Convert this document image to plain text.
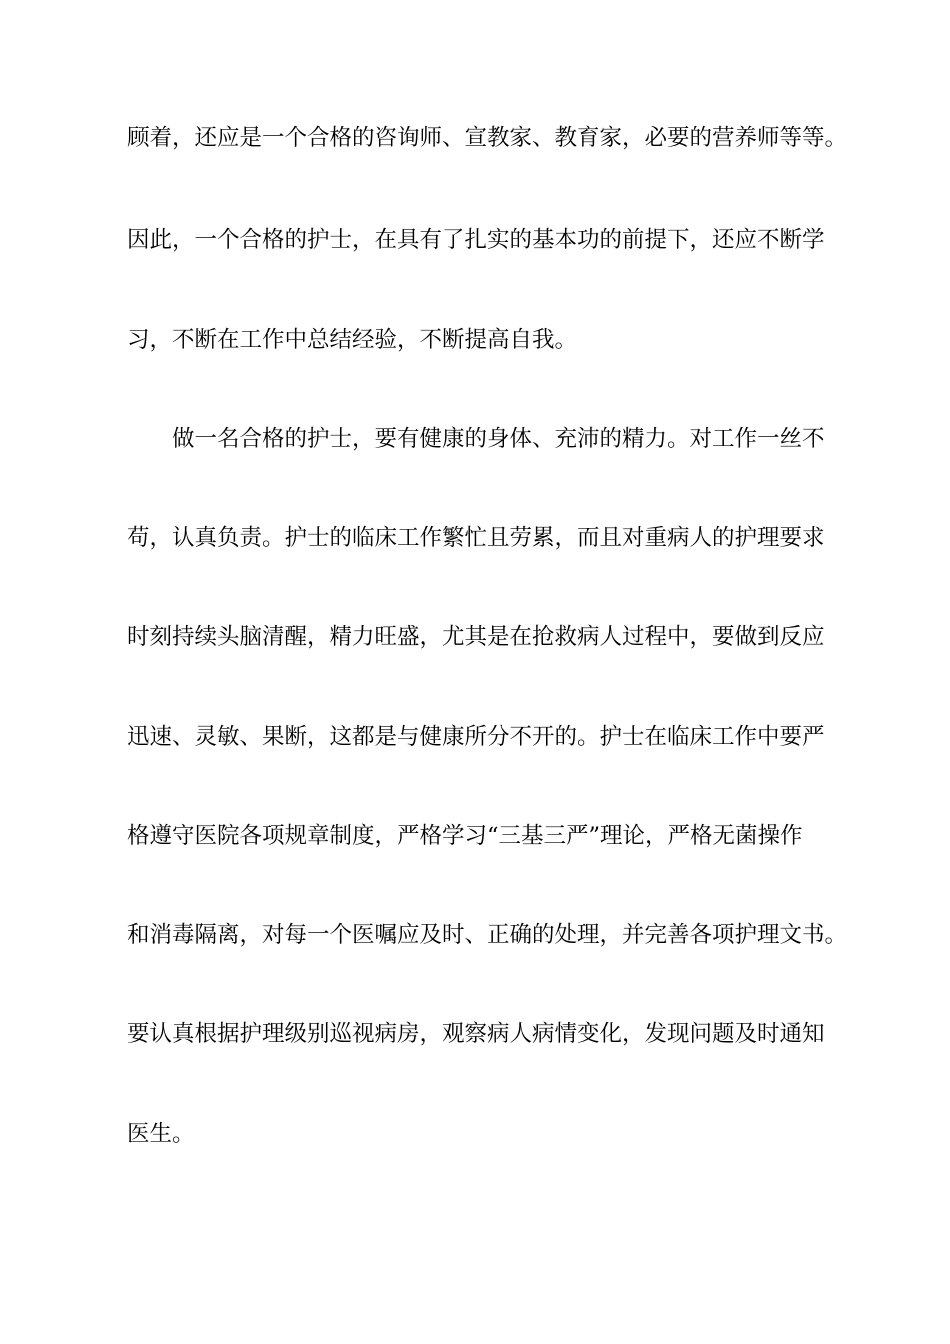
顾着，还应是一个合格的咨询师、宣教家、教育家，必要的营养师等等。
因此，一个合格的护士，在具有了扎实的基本功的前提下，还应不断学
习，不断在工作中总结经验，不断提高自我。
做一名合格的护士，要有健康的身体、充沛的精力。对工作一丝不
苟，认真负责。护士的临床工作繁忙且劳累，而且对重病人的护理要求
时刻持续头脑清醒，精力旺盛，尤其是在抢救病人过程中，要做到反应
迅速、灵敏、果断，这都是与健康所分不开的。护士在临床工作中要严
格遵守医院各项规章制度，严格学习“三基三严”理论，严格无菌操作
和消毒隔离，对每一个医嘱应及时、正确的处理，并完善各项护理文书。
要认真根据护理级别巡视病房，观察病人病情变化，发现问题及时通知
医生。
